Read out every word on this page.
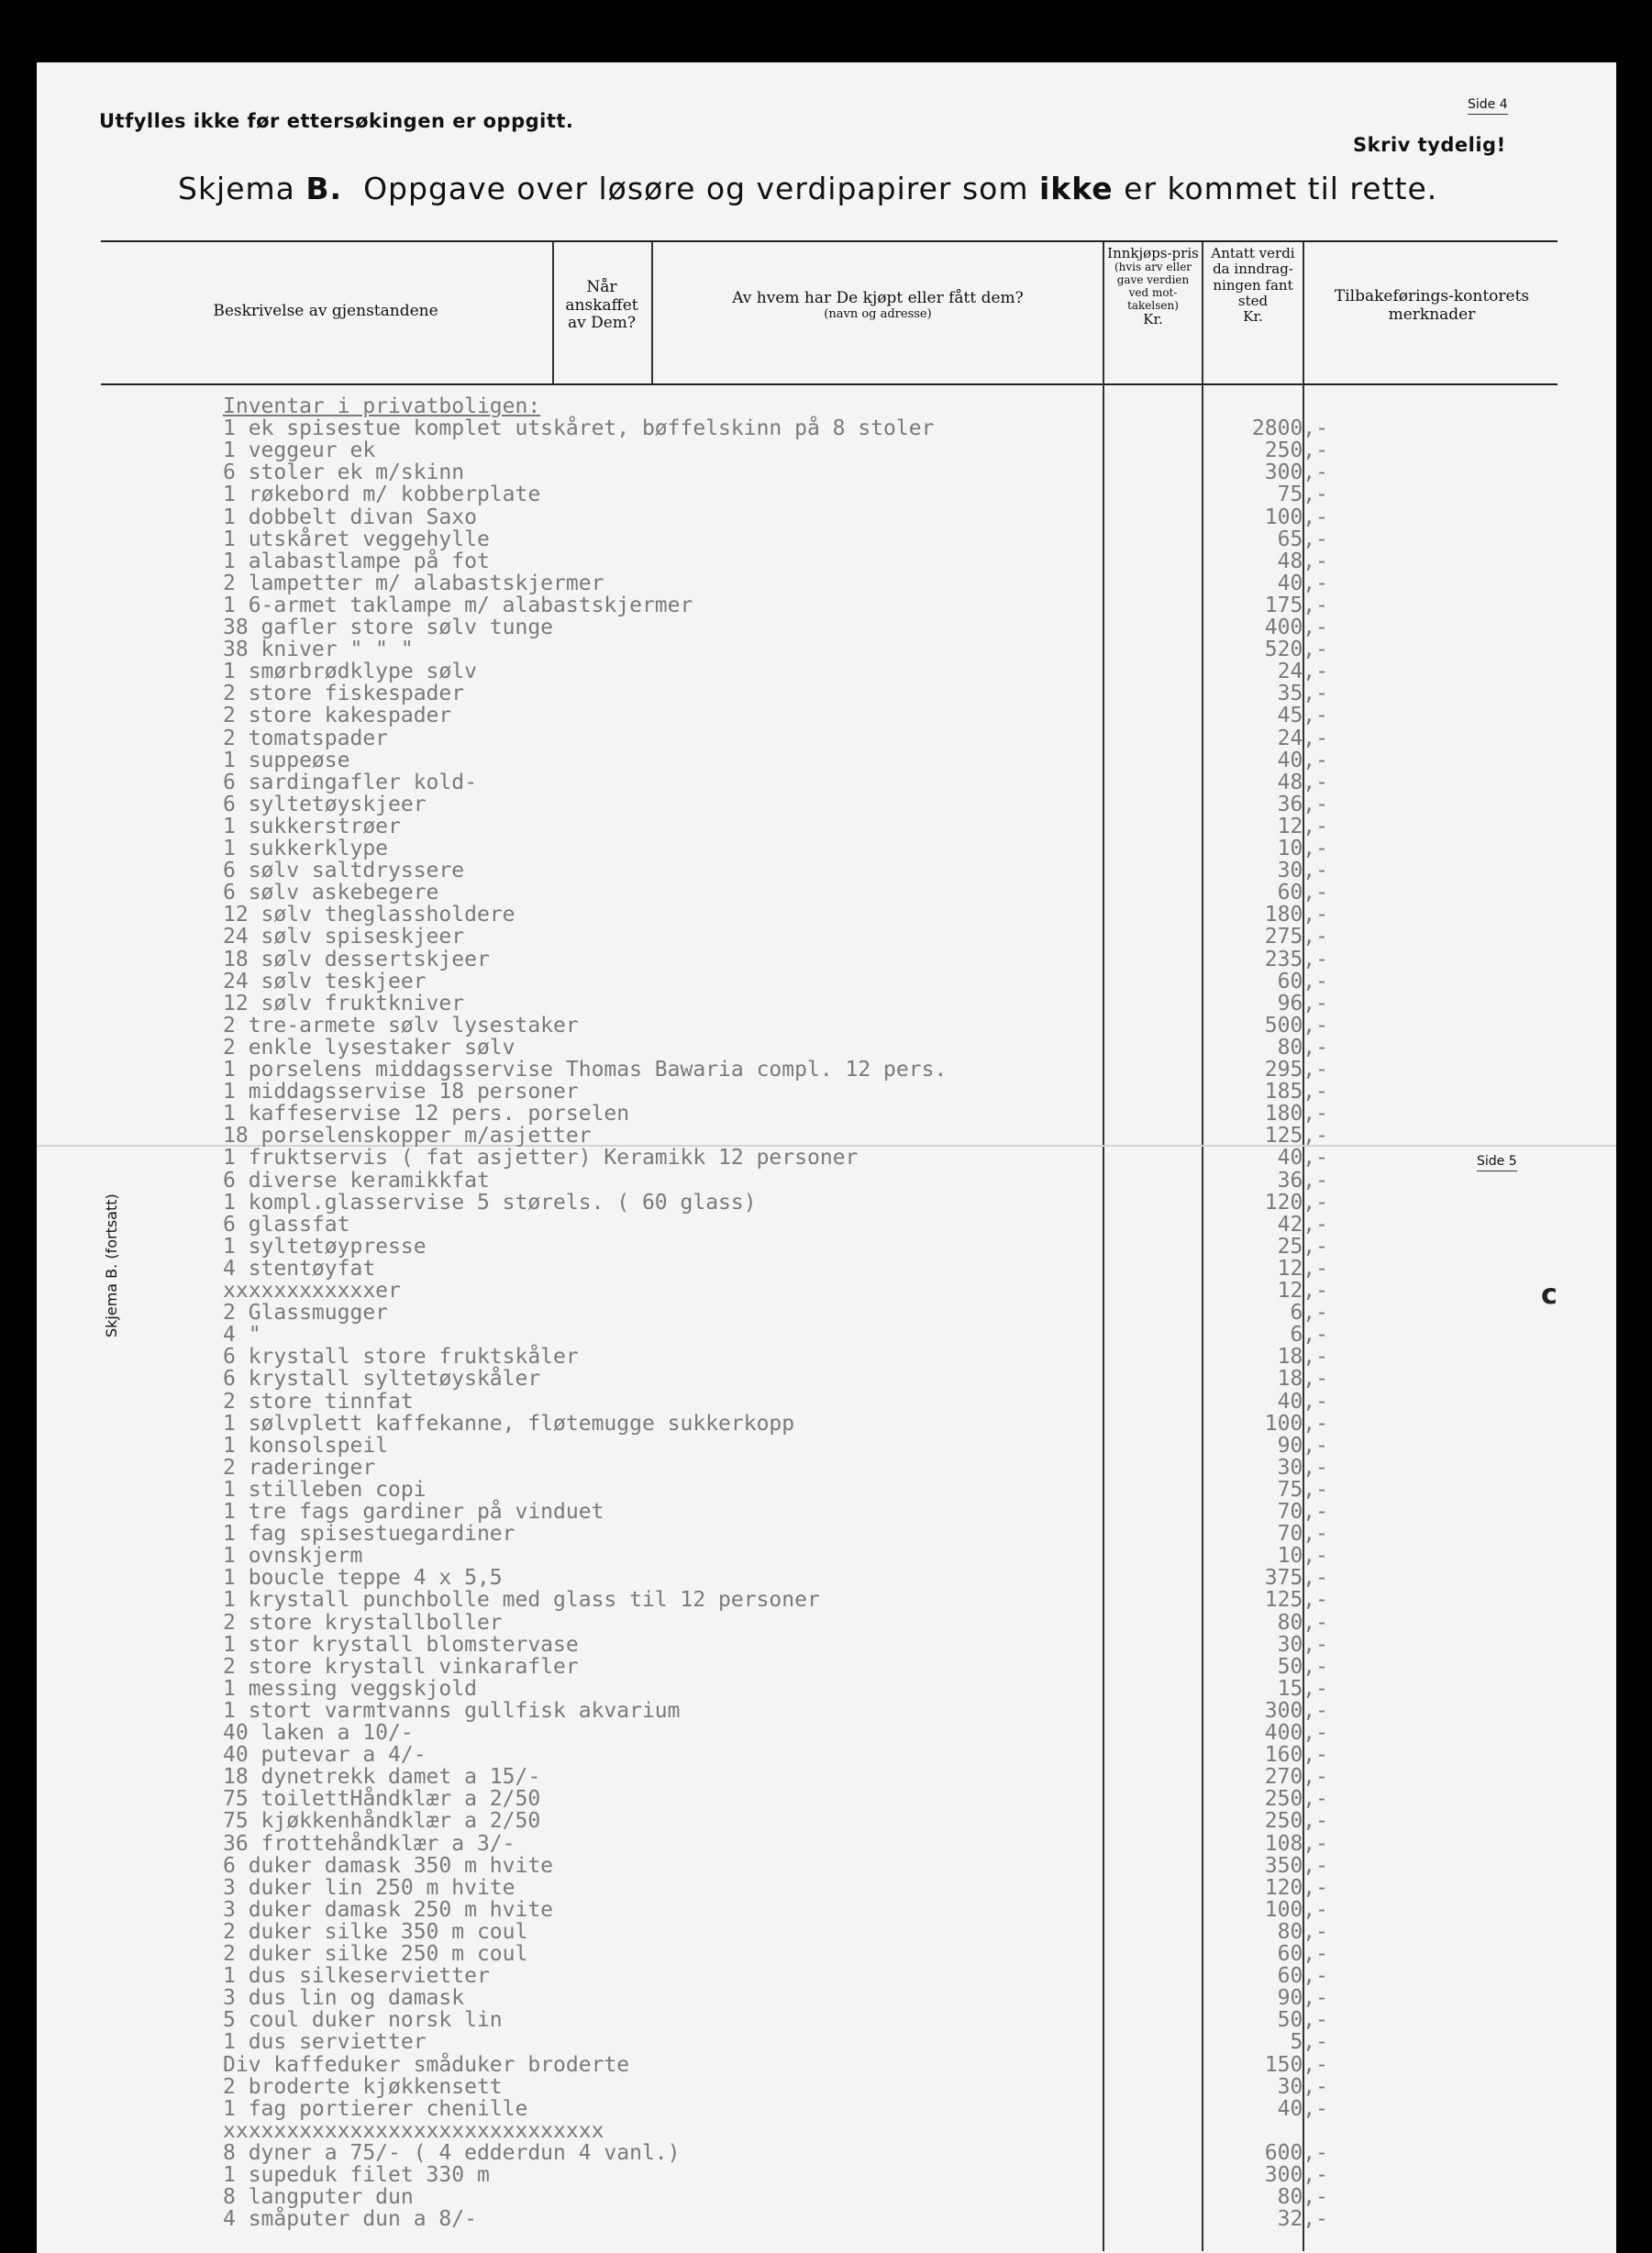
Utfylles ikke før ettersøkingen er oppgitt.
Side 4
Skriv tydelig!
Skjema B.  Oppgave over løsøre og verdipapirer som ikke er kommet til rette.
Beskrivelse av gjenstandene
Når anskaffet av Dem?
Av hvem har De kjøpt eller fått dem?
(navn og adresse)
Innkjøps-pris
(hvis arv eller gave verdien ved mot-takelsen)
Kr.
Antatt verdi da inndrag-ningen fant sted
Kr.
Tilbakeførings-kontorets merknader
Side 5
Skjema B. (fortsatt)	c
Inventar i privatboligen:
1 ek spisestue komplet utskåret, bøffelskinn på 8 stoler	2800,-
1 veggeur ek	250,-
6 stoler ek m/skinn	300,-
1 røkebord m/ kobberplate	75,-
1 dobbelt divan Saxo	100,-
1 utskåret veggehylle	65,-
1 alabastlampe på fot	48,-
2 lampetter m/ alabastskjermer	40,-
1 6-armet taklampe m/ alabastskjermer	175,-
38 gafler store sølv tunge	400,-
38 kniver " " "	520,-
1 smørbrødklype sølv	24,-
2 store fiskespader	35,-
2 store kakespader	45,-
2 tomatspader	24,-
1 suppeøse	40,-
6 sardingafler kold-	48,-
6 syltetøyskjeer	36,-
1 sukkerstrøer	12,-
1 sukkerklype	10,-
6 sølv saltdryssere	30,-
6 sølv askebegere	60,-
12 sølv theglassholdere	180,-
24 sølv spiseskjeer	275,-
18 sølv dessertskjeer	235,-
24 sølv teskjeer	60,-
12 sølv fruktkniver	96,-
2 tre-armete sølv lysestaker	500,-
2 enkle lysestaker sølv	80,-
1 porselens middagsservise Thomas Bawaria compl. 12 pers.	295,-
1 middagsservise 18 personer	185,-
1 kaffeservise 12 pers. porselen	180,-
18 porselenskopper m/asjetter	125,-
1 fruktservis ( fat asjetter) Keramikk 12 personer	40,-
6 diverse keramikkfat	36,-
1 kompl.glasservise 5 størels. ( 60 glass)	120,-
6 glassfat	42,-
1 syltetøypresse	25,-
4 stentøyfat	12,-
xxxxxxxxxxxxer	12,-
2 Glassmugger	6,-
4 "	6,-
6 krystall store fruktskåler	18,-
6 krystall syltetøyskåler	18,-
2 store tinnfat	40,-
1 sølvplett kaffekanne, fløtemugge sukkerkopp	100,-
1 konsolspeil	90,-
2 raderinger	30,-
1 stilleben copi	75,-
1 tre fags gardiner på vinduet	70,-
1 fag spisestuegardiner	70,-
1 ovnskjerm	10,-
1 boucle teppe 4 x 5,5	375,-
1 krystall punchbolle med glass til 12 personer	125,-
2 store krystallboller	80,-
1 stor krystall blomstervase	30,-
2 store krystall vinkarafler	50,-
1 messing veggskjold	15,-
1 stort varmtvanns gullfisk akvarium	300,-
40 laken a 10/-	400,-
40 putevar a 4/-	160,-
18 dynetrekk damet a 15/-	270,-
75 toilettHåndklær a 2/50	250,-
75 kjøkkenhåndklær a 2/50	250,-
36 frottehåndklær a 3/-	108,-
6 duker damask 350 m hvite	350,-
3 duker lin 250 m hvite	120,-
3 duker damask 250 m hvite	100,-
2 duker silke 350 m coul	80,-
2 duker silke 250 m coul	60,-
1 dus silkeservietter	60,-
3 dus lin og damask	90,-
5 coul duker norsk lin	50,-
1 dus servietter	5,-
Div kaffeduker småduker broderte	150,-
2 broderte kjøkkensett	30,-
1 fag portierer chenille	40,-
xxxxxxxxxxxxxxxxxxxxxxxxxxxxxx
8 dyner a 75/- ( 4 edderdun 4 vanl.)	600,-
1 supeduk filet 330 m	300,-
8 langputer dun	80,-
4 småputer dun a 8/-	32,-
